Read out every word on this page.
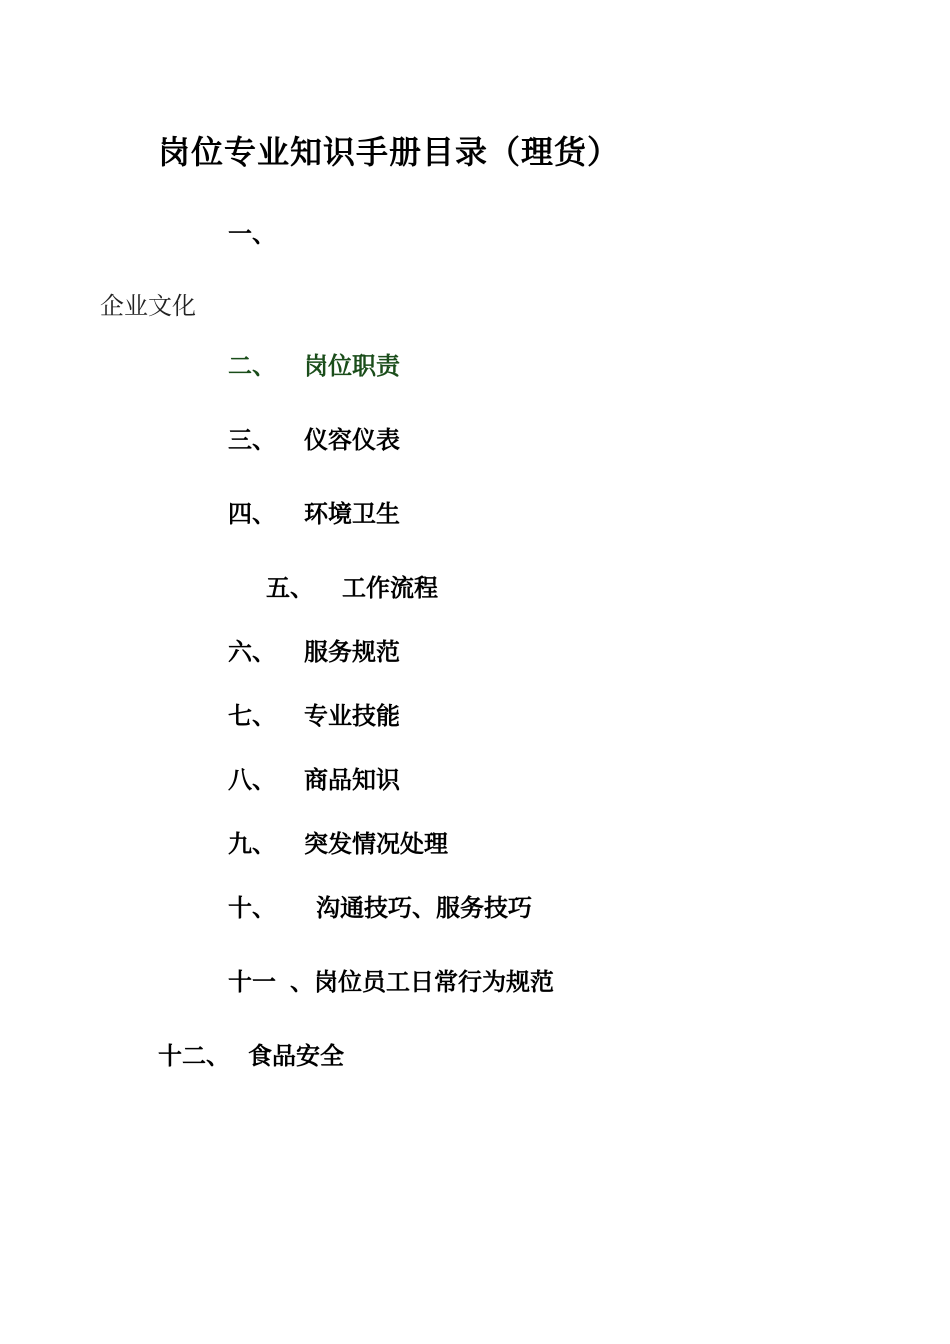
岗位专业知识手册目录（理货）
一、
企业文化
二、 岗位职责
三、 仪容仪表
四、 环境卫生
五、 工作流程
六、 服务规范
七、 专业技能
八、 商品知识
九、 突发情况处理
十、 沟通技巧、服务技巧
十一、岗位员工日常行为规范
十二、 食品安全
